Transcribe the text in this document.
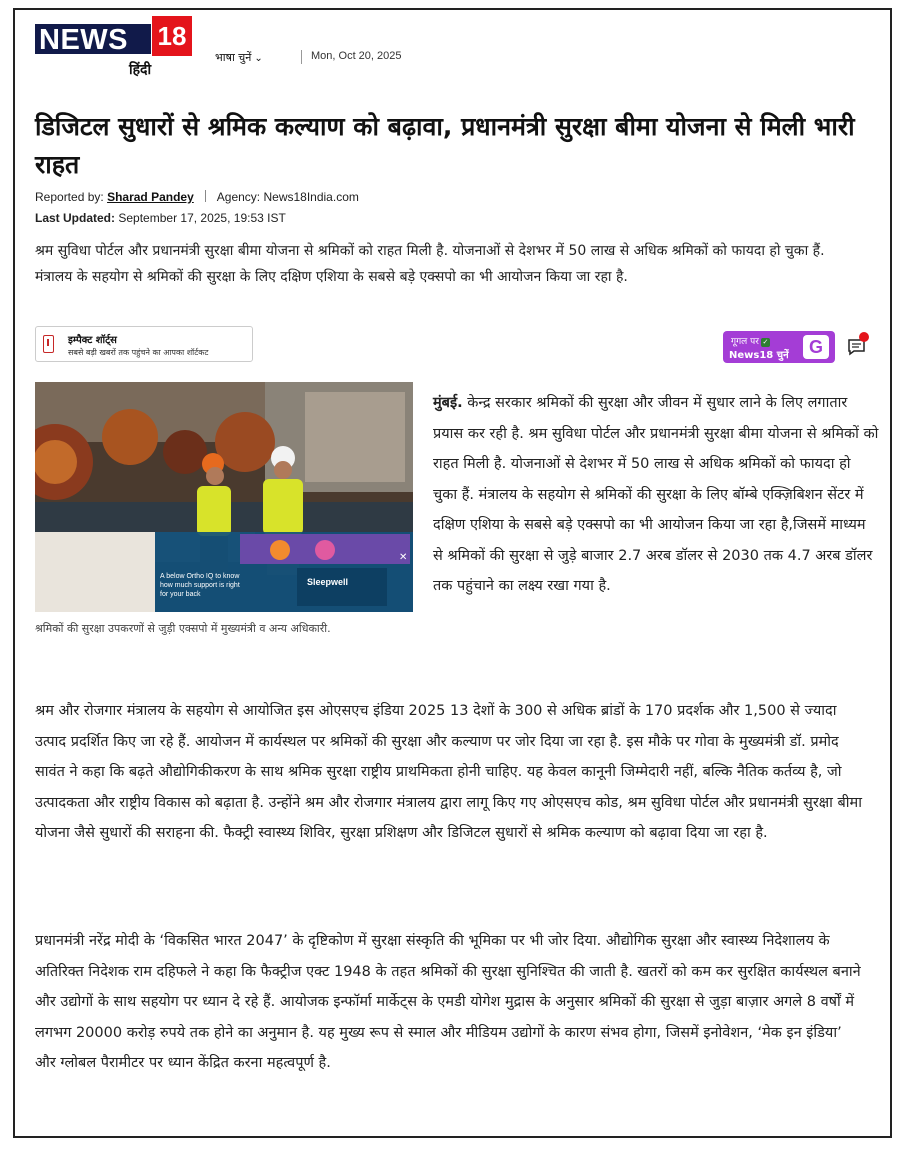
NEWS 18
हिंदी
भाषा चुनें ⌄	Mon, Oct 20, 2025
डिजिटल सुधारों से श्रमिक कल्याण को बढ़ावा, प्रधानमंत्री सुरक्षा बीमा योजना से मिली भारी राहत
Reported by: Sharad Pandey Agency: News18India.com
Last Updated: September 17, 2025, 19:53 IST

श्रम सुविधा पोर्टल और प्रधानमंत्री सुरक्षा बीमा योजना से श्रमिकों को राहत मिली है. योजनाओं से देशभर में 50 लाख से अधिक श्रमिकों को फायदा हो चुका हैं. मंत्रालय के सहयोग से श्रमिकों की सुरक्षा के लिए दक्षिण एशिया के सबसे बड़े एक्सपो का भी आयोजन किया जा रहा है.

इम्पैक्ट शॉर्ट्स
सबसे बड़ी खबरों तक पहुंचने का आपका शॉर्टकट
गूगल पर ✓
News18 चुनें	G
A below Ortho IQ to know
how much support is right
for your back
Sleepwell
✕

श्रमिकों की सुरक्षा उपकरणों से जुड़ी एक्सपो में मुख्यमंत्री व अन्य अधिकारी.

मुंबई. केन्द्र सरकार श्रमिकों की सुरक्षा और जीवन में सुधार लाने के लिए लगातार प्रयास कर रही है. श्रम सुविधा पोर्टल और प्रधानमंत्री सुरक्षा बीमा योजना से श्रमिकों को राहत मिली है. योजनाओं से देशभर में 50 लाख से अधिक श्रमिकों को फायदा हो चुका हैं. मंत्रालय के सहयोग से श्रमिकों की सुरक्षा के लिए बॉम्बे एक्ज़िबिशन सेंटर में दक्षिण एशिया के सबसे बड़े एक्सपो का भी आयोजन किया जा रहा है,जिसमें माध्यम से श्रमिकों की सुरक्षा से जुड़े बाजार 2.7 अरब डॉलर से 2030 तक 4.7 अरब डॉलर तक पहुंचाने का लक्ष्य रखा गया है.

श्रम और रोजगार मंत्रालय के सहयोग से आयोजित इस ओएसएच इंडिया 2025 13 देशों के 300 से अधिक ब्रांडों के 170 प्रदर्शक और 1,500 से ज्यादा उत्पाद प्रदर्शित किए जा रहे हैं. आयोजन में कार्यस्थल पर श्रमिकों की सुरक्षा और कल्याण पर जोर दिया जा रहा है. इस मौके पर गोवा के मुख्यमंत्री डॉ. प्रमोद सावंत ने कहा कि बढ़ते औद्योगिकीकरण के साथ श्रमिक सुरक्षा राष्ट्रीय प्राथमिकता होनी चाहिए. यह केवल कानूनी जिम्मेदारी नहीं, बल्कि नैतिक कर्तव्य है, जो उत्पादकता और राष्ट्रीय विकास को बढ़ाता है. उन्होंने श्रम और रोजगार मंत्रालय द्वारा लागू किए गए ओएसएच कोड, श्रम सुविधा पोर्टल और प्रधानमंत्री सुरक्षा बीमा योजना जैसे सुधारों की सराहना की. फैक्ट्री स्वास्थ्य शिविर, सुरक्षा प्रशिक्षण और डिजिटल सुधारों से श्रमिक कल्याण को बढ़ावा दिया जा रहा है.

प्रधानमंत्री नरेंद्र मोदी के ‘विकसित भारत 2047’ के दृष्टिकोण में सुरक्षा संस्कृति की भूमिका पर भी जोर दिया. औद्योगिक सुरक्षा और स्वास्थ्य निदेशालय के अतिरिक्त निदेशक राम दहिफले ने कहा कि फैक्ट्रीज एक्ट 1948 के तहत श्रमिकों की सुरक्षा सुनिश्चित की जाती है. खतरों को कम कर सुरक्षित कार्यस्थल बनाने और उद्योगों के साथ सहयोग पर ध्यान दे रहे हैं. आयोजक इन्फॉर्मा मार्केट्स के एमडी योगेश मुद्रास के अनुसार श्रमिकों की सुरक्षा से जुड़ा बाज़ार अगले 8 वर्षों में लगभग 20000 करोड़ रुपये तक होने का अनुमान है. यह मुख्य रूप से स्माल और मीडियम उद्योगों के कारण संभव होगा, जिसमें इनोवेशन, ‘मेक इन इंडिया’ और ग्लोबल पैरामीटर पर ध्यान केंद्रित करना महत्वपूर्ण है.
